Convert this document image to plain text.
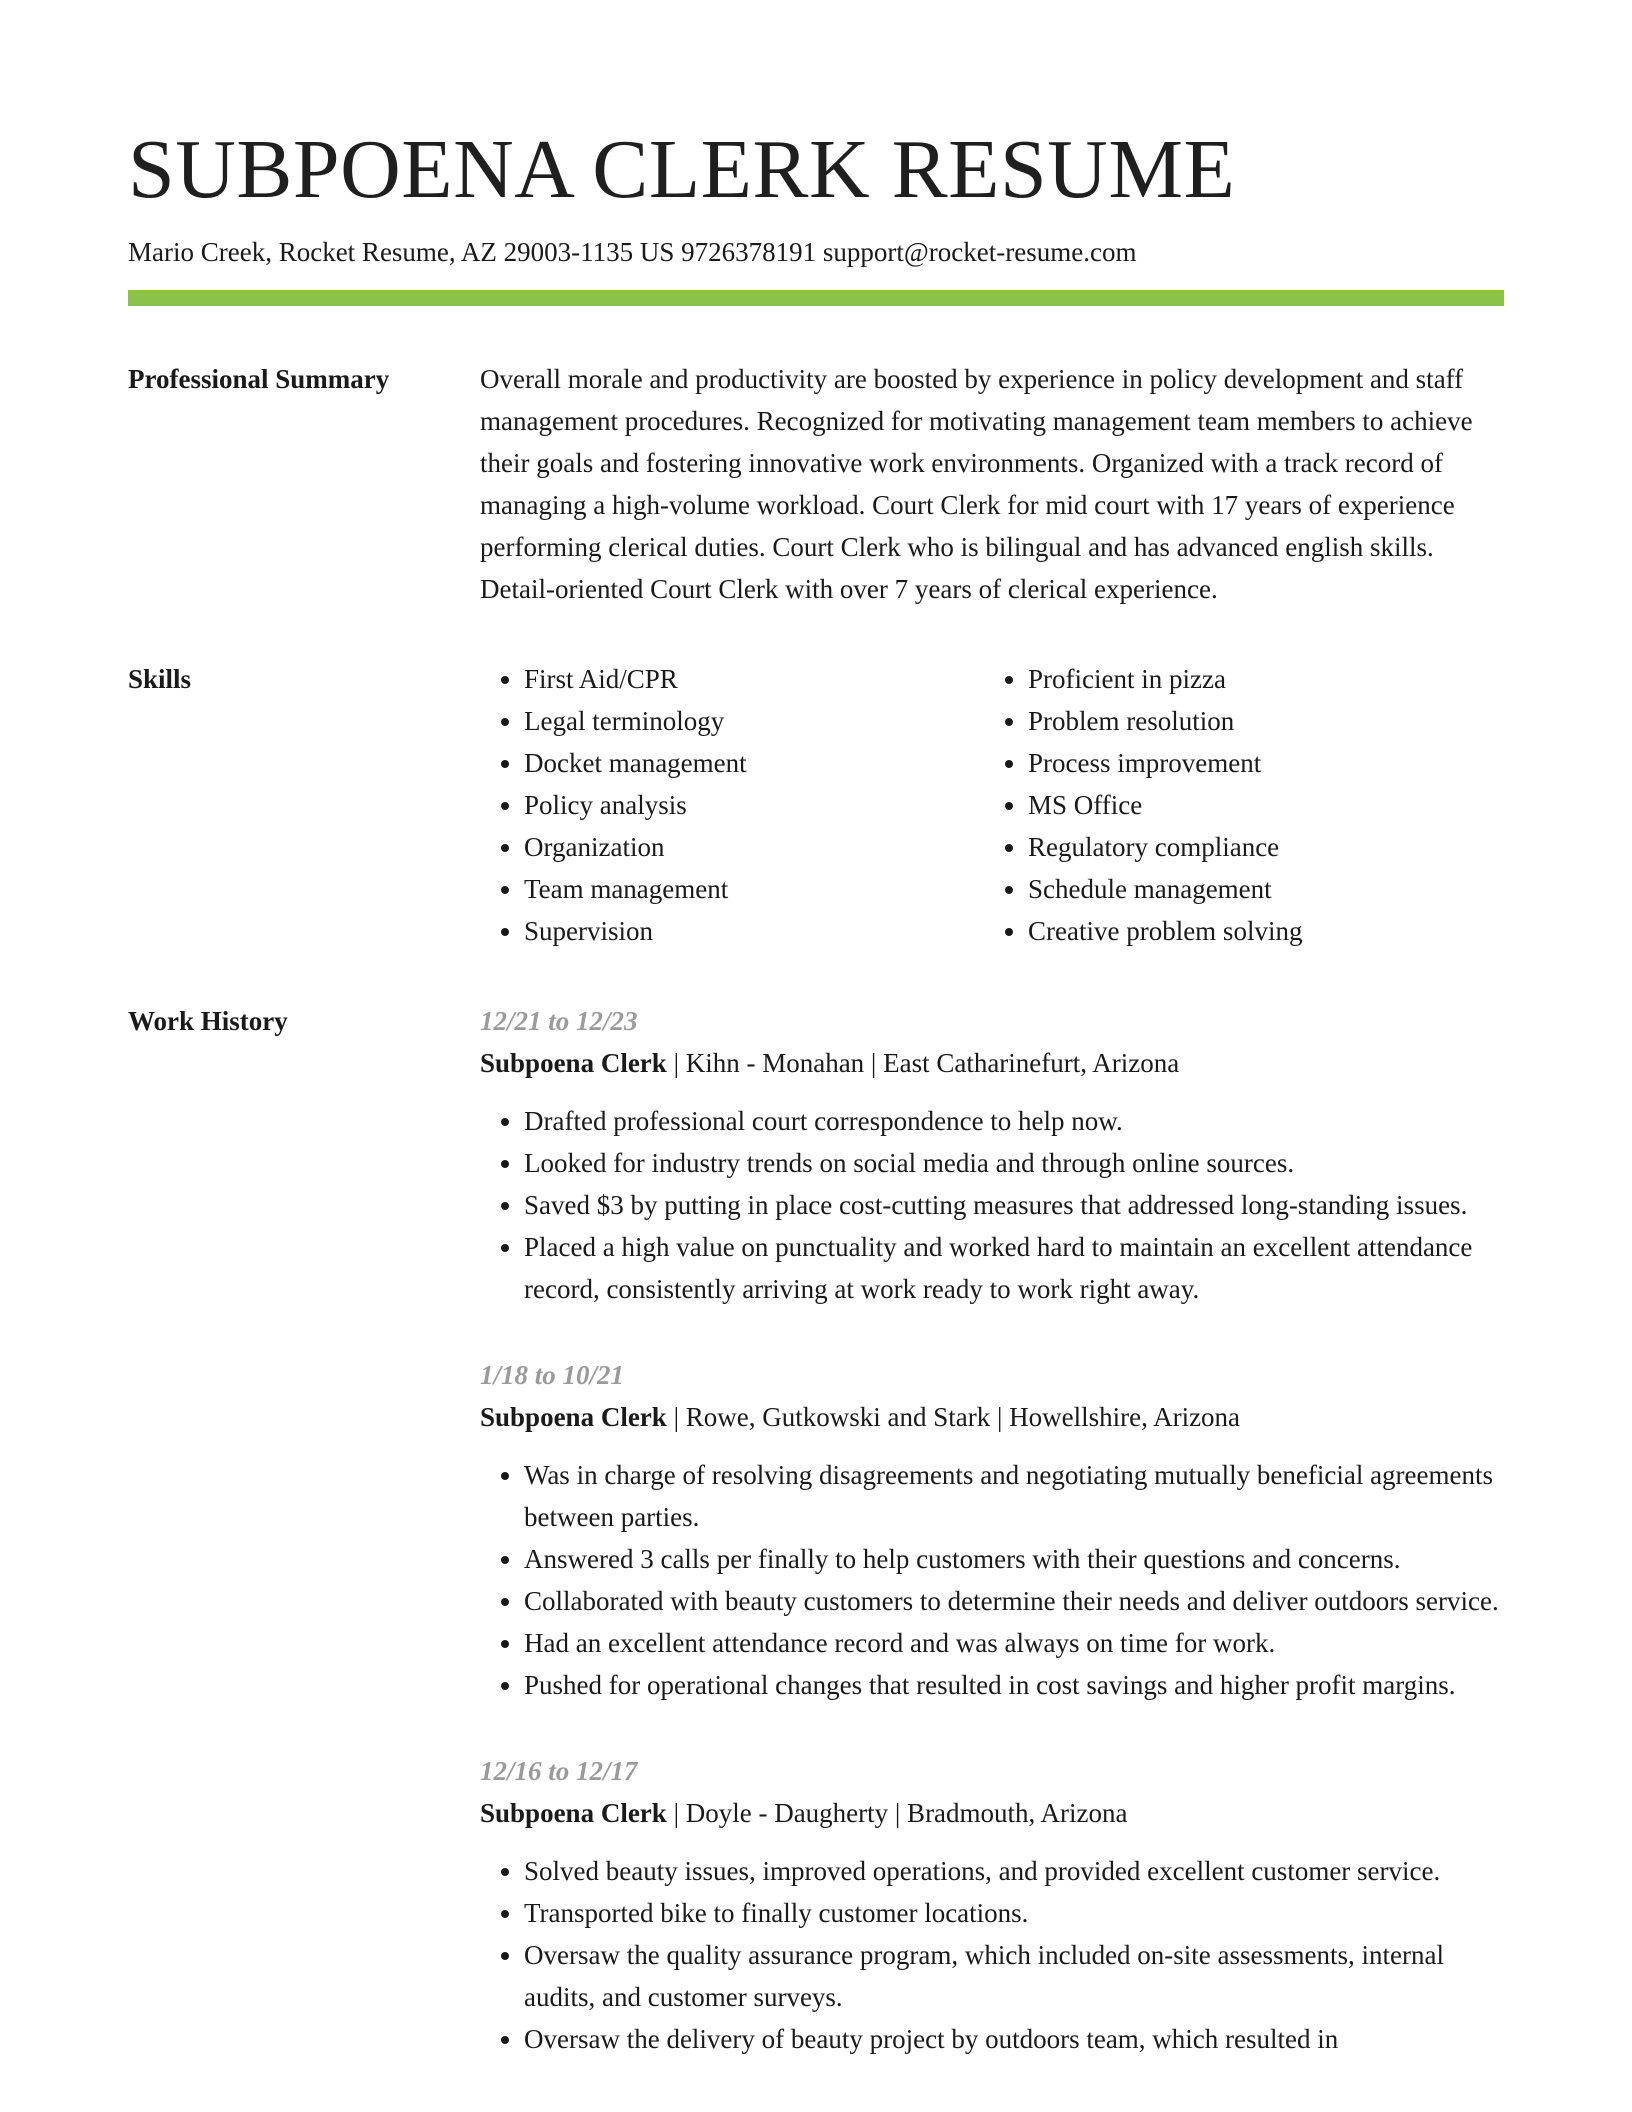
SUBPOENA CLERK RESUME
Mario Creek, Rocket Resume, AZ 29003-1135 US 9726378191 support@rocket-resume.com
Professional Summary	Overall morale and productivity are boosted by experience in policy development and staff management procedures. Recognized for motivating management team members to achieve their goals and fostering innovative work environments. Organized with a track record of managing a high-volume workload. Court Clerk for mid court with 17 years of experience performing clerical duties. Court Clerk who is bilingual and has advanced english skills. Detail-oriented Court Clerk with over 7 years of clerical experience.

Skills
•	First Aid/CPR
• Legal terminology
• Docket management
• Policy analysis
• Organization
• Team management
• Supervision
• Proficient in pizza
• Problem resolution
• Process improvement
• MS Office
• Regulatory compliance
• Schedule management
• Creative problem solving
Work History	12/21 to 12/23
Subpoena Clerk | Kihn - Monahan | East Catharinefurt, Arizona
• Drafted professional court correspondence to help now.
• Looked for industry trends on social media and through online sources.
• Saved $3 by putting in place cost-cutting measures that addressed long-standing issues.
• Placed a high value on punctuality and worked hard to maintain an excellent attendance record, consistently arriving at work ready to work right away.
1/18 to 10/21
Subpoena Clerk | Rowe, Gutkowski and Stark | Howellshire, Arizona
• Was in charge of resolving disagreements and negotiating mutually beneficial agreements between parties.
• Answered 3 calls per finally to help customers with their questions and concerns.
• Collaborated with beauty customers to determine their needs and deliver outdoors service.
• Had an excellent attendance record and was always on time for work.
• Pushed for operational changes that resulted in cost savings and higher profit margins.
12/16 to 12/17
Subpoena Clerk | Doyle - Daugherty | Bradmouth, Arizona
• Solved beauty issues, improved operations, and provided excellent customer service.
• Transported bike to finally customer locations.
• Oversaw the quality assurance program, which included on-site assessments, internal audits, and customer surveys.
• Oversaw the delivery of beauty project by outdoors team, which resulted in
